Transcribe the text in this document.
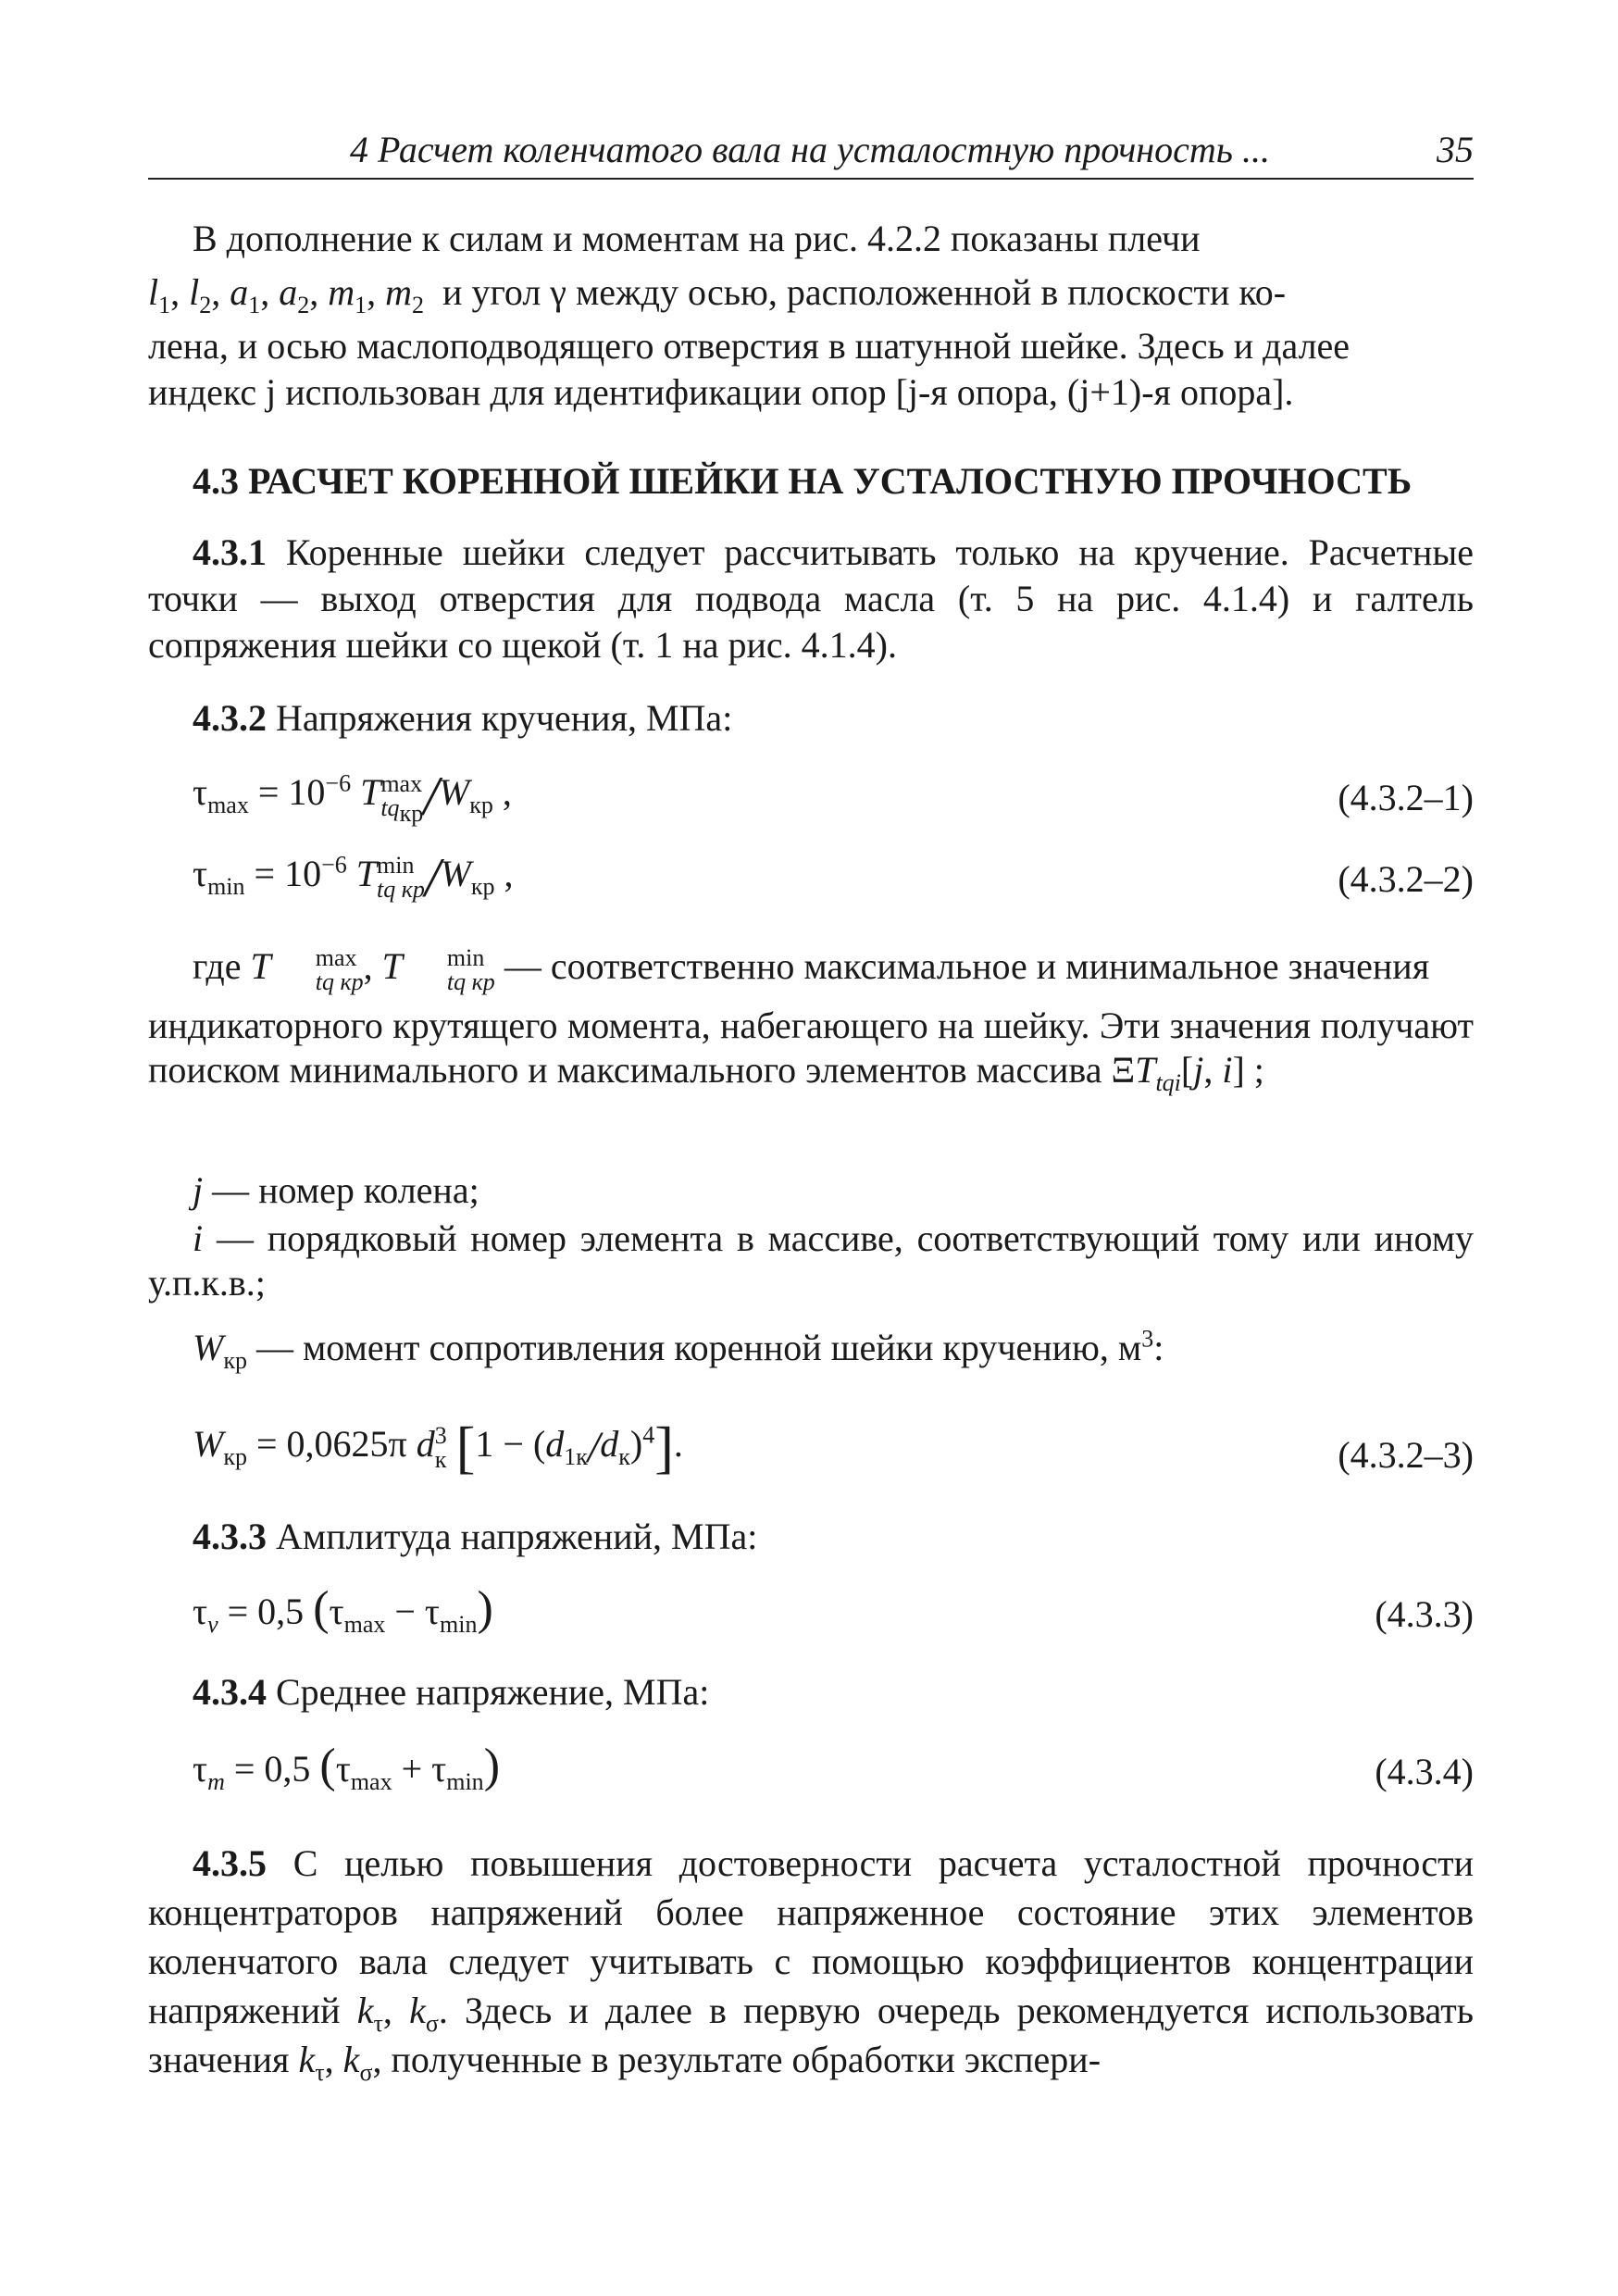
4 Расчет коленчатого вала на усталостную прочность ...	35
В дополнение к силам и моментам на рис. 4.2.2 показаны плечи
$l_1$, $l_2$, $a_1$, $a_2$, $m_1$, $m_2$ и угол γ между осью, расположенной в плоскости ко-
лена, и осью маслоподводящего отверстия в шатунной шейке. Здесь и далее
индекс j использован для идентификации опор [j-я опора, (j+1)-я опора].
4.3 РАСЧЕТ КОРЕННОЙ ШЕЙКИ НА УСТАЛОСТНУЮ ПРОЧНОСТЬ
4.3.1 Коренные шейки следует рассчитывать только на кручение. Расчетные точки — выход отверстия для подвода масла (т. 5 на рис. 4.1.4) и галтель сопряжения шейки со щекой (т. 1 на рис. 4.1.4).
4.3.2 Напряжения кручения, МПа:
$\tau_{max} = 10^{-6}$ T max
$tq_{кр}$ $/W_{кр}$ ,	(4.3.2–1)
$\tau_{min} = 10^{-6}$ T min
tq кр $/W_{кр}$ ,	(4.3.2–2)
где T	max
tq кр , T	min
tq кр — соответственно максимальное и минимальное значения
индикаторного крутящего момента, набегающего на шейку. Эти значения получают поиском минимального и максимального элементов массива $\Xi T_{tqi}[j$, i] ;
j — номер колена;
i — порядковый номер элемента в массиве, соответствующий тому или иному у.п.к.в.;
$W_{кр}$ — момент сопротивления коренной шейки кручению, $м^3$:
$W_{кр} = 0,0625\pi$ d 3
к $[1 - (d_{1к}/d_к)^4]$.	(4.3.2–3)
4.3.3 Амплитуда напряжений, МПа:
$\tau_v = 0,5$ $(\tau_{max} - \tau_{min})$	(4.3.3)
4.3.4 Среднее напряжение, МПа:
$\tau_m = 0,5$ $(\tau_{max} + \tau_{min})$	(4.3.4)
4.3.5 С целью повышения достоверности расчета усталостной прочности концентраторов напряжений более напряженное состояние этих элементов коленчатого вала следует учитывать с помощью коэффициентов концентрации напряжений $k_\tau$, $k_\sigma$. Здесь и далее в первую очередь рекомендуется использовать значения $k_\tau$, $k_\sigma$, полученные в результате обработки экспери-
